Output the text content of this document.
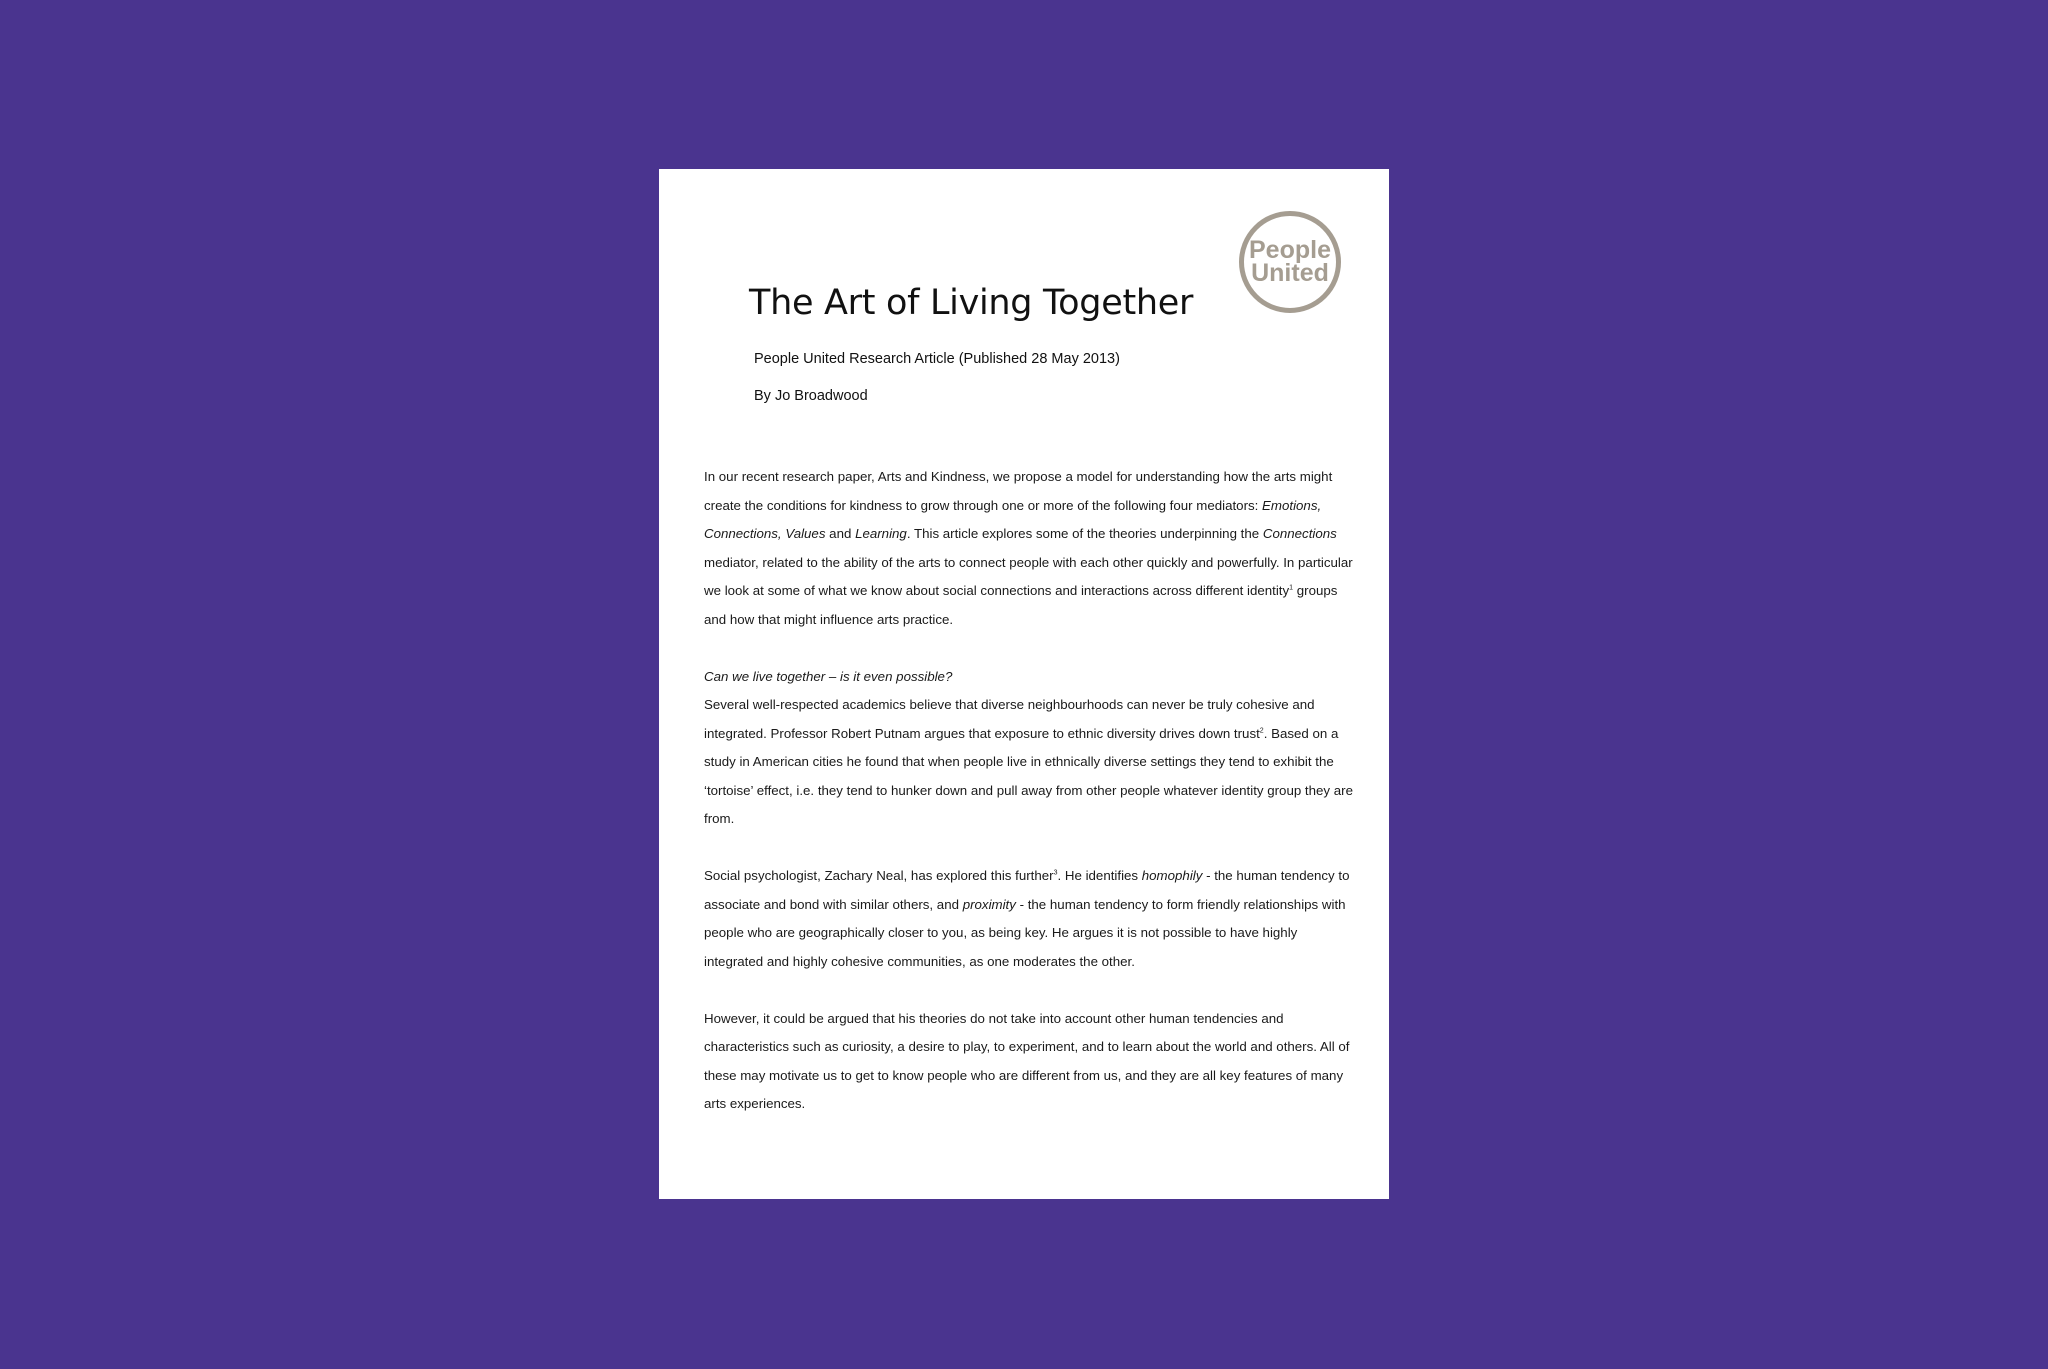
People
United
The Art of Living Together
People United Research Article (Published 28 May 2013)
By Jo Broadwood

In our recent research paper, Arts and Kindness, we propose a model for understanding how the arts might create the conditions for kindness to grow through one or more of the following four mediators: Emotions, Connections, Values and Learning. This article explores some of the theories underpinning the Connections mediator, related to the ability of the arts to connect people with each other quickly and powerfully. In particular we look at some of what we know about social connections and interactions across different identity$^1$ groups and how that might influence arts practice.

Can we live together – is it even possible?

Several well-respected academics believe that diverse neighbourhoods can never be truly cohesive and integrated. Professor Robert Putnam argues that exposure to ethnic diversity drives down trust$^2$. Based on a study in American cities he found that when people live in ethnically diverse settings they tend to exhibit the ‘tortoise’ effect, i.e. they tend to hunker down and pull away from other people whatever identity group they are from.

Social psychologist, Zachary Neal, has explored this further$^3$. He identifies homophily - the human tendency to associate and bond with similar others, and proximity - the human tendency to form friendly relationships with people who are geographically closer to you, as being key. He argues it is not possible to have highly integrated and highly cohesive communities, as one moderates the other.

However, it could be argued that his theories do not take into account other human tendencies and characteristics such as curiosity, a desire to play, to experiment, and to learn about the world and others. All of these may motivate us to get to know people who are different from us, and they are all key features of many arts experiences.
